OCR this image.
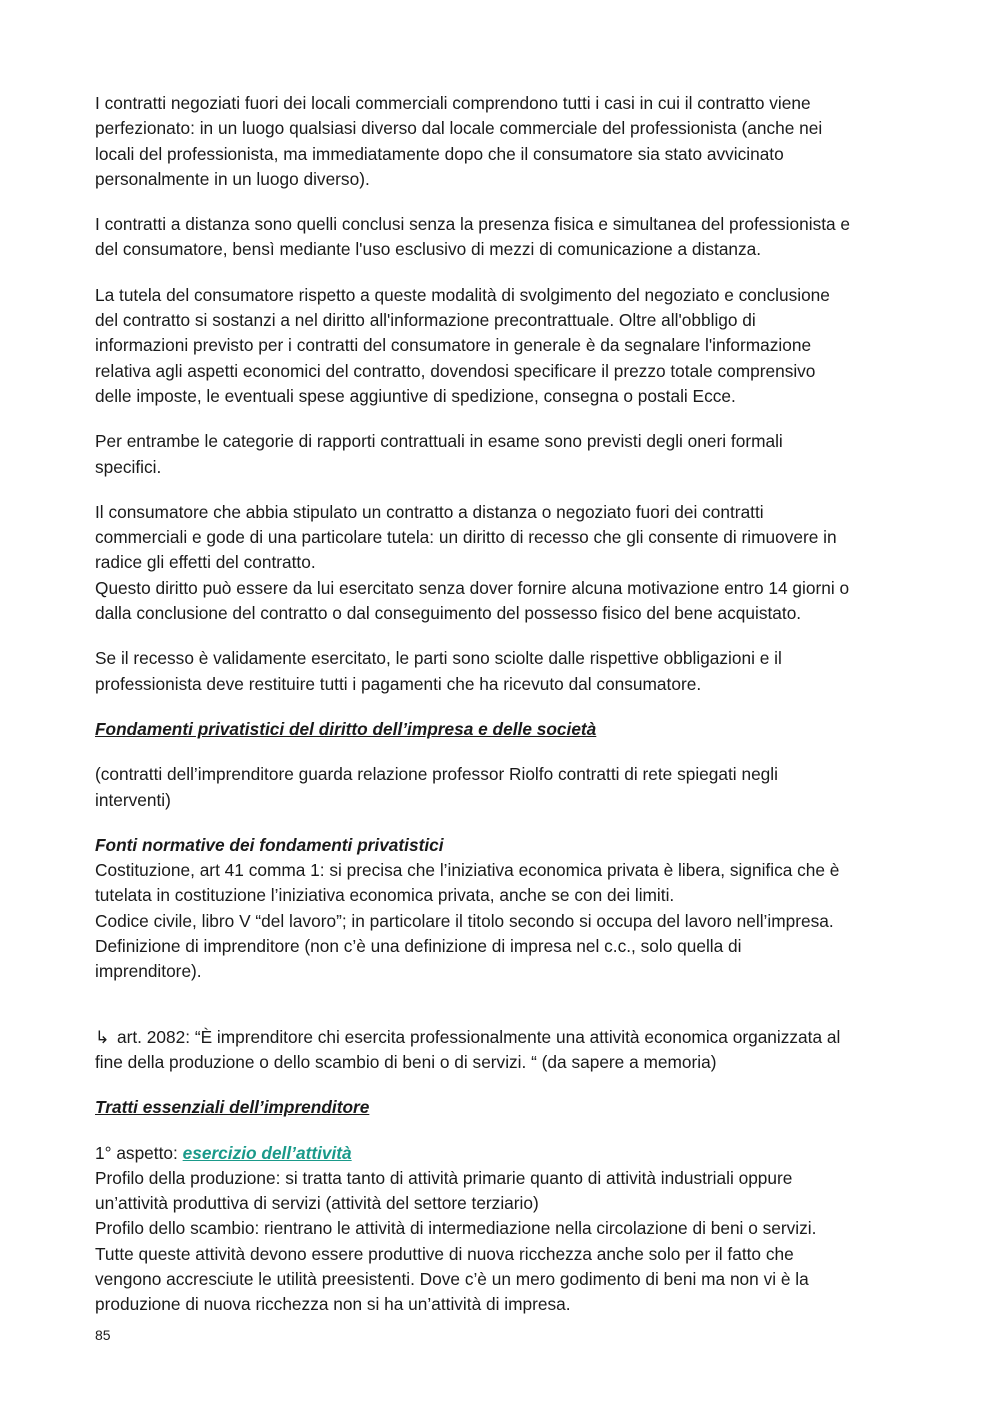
I contratti negoziati fuori dei locali commerciali comprendono tutti i casi in cui il contratto viene
perfezionato: in un luogo qualsiasi diverso dal locale commerciale del professionista (anche nei
locali del professionista, ma immediatamente dopo che il consumatore sia stato avvicinato
personalmente in un luogo diverso).

I contratti a distanza sono quelli conclusi senza la presenza fisica e simultanea del professionista e
del consumatore, bensì mediante l'uso esclusivo di mezzi di comunicazione a distanza.

La tutela del consumatore rispetto a queste modalità di svolgimento del negoziato e conclusione
del contratto si sostanzi a nel diritto all'informazione precontrattuale. Oltre all'obbligo di
informazioni previsto per i contratti del consumatore in generale è da segnalare l'informazione
relativa agli aspetti economici del contratto, dovendosi specificare il prezzo totale comprensivo
delle imposte, le eventuali spese aggiuntive di spedizione, consegna o postali Ecce.

Per entrambe le categorie di rapporti contrattuali in esame sono previsti degli oneri formali
specifici.

Il consumatore che abbia stipulato un contratto a distanza o negoziato fuori dei contratti
commerciali e gode di una particolare tutela: un diritto di recesso che gli consente di rimuovere in
radice gli effetti del contratto.
Questo diritto può essere da lui esercitato senza dover fornire alcuna motivazione entro 14 giorni o
dalla conclusione del contratto o dal conseguimento del possesso fisico del bene acquistato.

Se il recesso è validamente esercitato, le parti sono sciolte dalle rispettive obbligazioni e il
professionista deve restituire tutti i pagamenti che ha ricevuto dal consumatore.

Fondamenti privatistici del diritto dell’impresa e delle società

(contratti dell’imprenditore guarda relazione professor Riolfo contratti di rete spiegati negli
interventi)

Fonti normative dei fondamenti privatistici
Costituzione, art 41 comma 1: si precisa che l’iniziativa economica privata è libera, significa che è
tutelata in costituzione l’iniziativa economica privata, anche se con dei limiti.
Codice civile, libro V “del lavoro”; in particolare il titolo secondo si occupa del lavoro nell’impresa.
Definizione di imprenditore (non c’è una definizione di impresa nel c.c., solo quella di
imprenditore).

↳ art. 2082: “È imprenditore chi esercita professionalmente una attività economica organizzata al
fine della produzione o dello scambio di beni o di servizi. “ (da sapere a memoria)

Tratti essenziali dell’imprenditore

1° aspetto: esercizio dell’attività
Profilo della produzione: si tratta tanto di attività primarie quanto di attività industriali oppure
un’attività produttiva di servizi (attività del settore terziario)
Profilo dello scambio: rientrano le attività di intermediazione nella circolazione di beni o servizi.
Tutte queste attività devono essere produttive di nuova ricchezza anche solo per il fatto che
vengono accresciute le utilità preesistenti. Dove c’è un mero godimento di beni ma non vi è la
produzione di nuova ricchezza non si ha un’attività di impresa.

85
